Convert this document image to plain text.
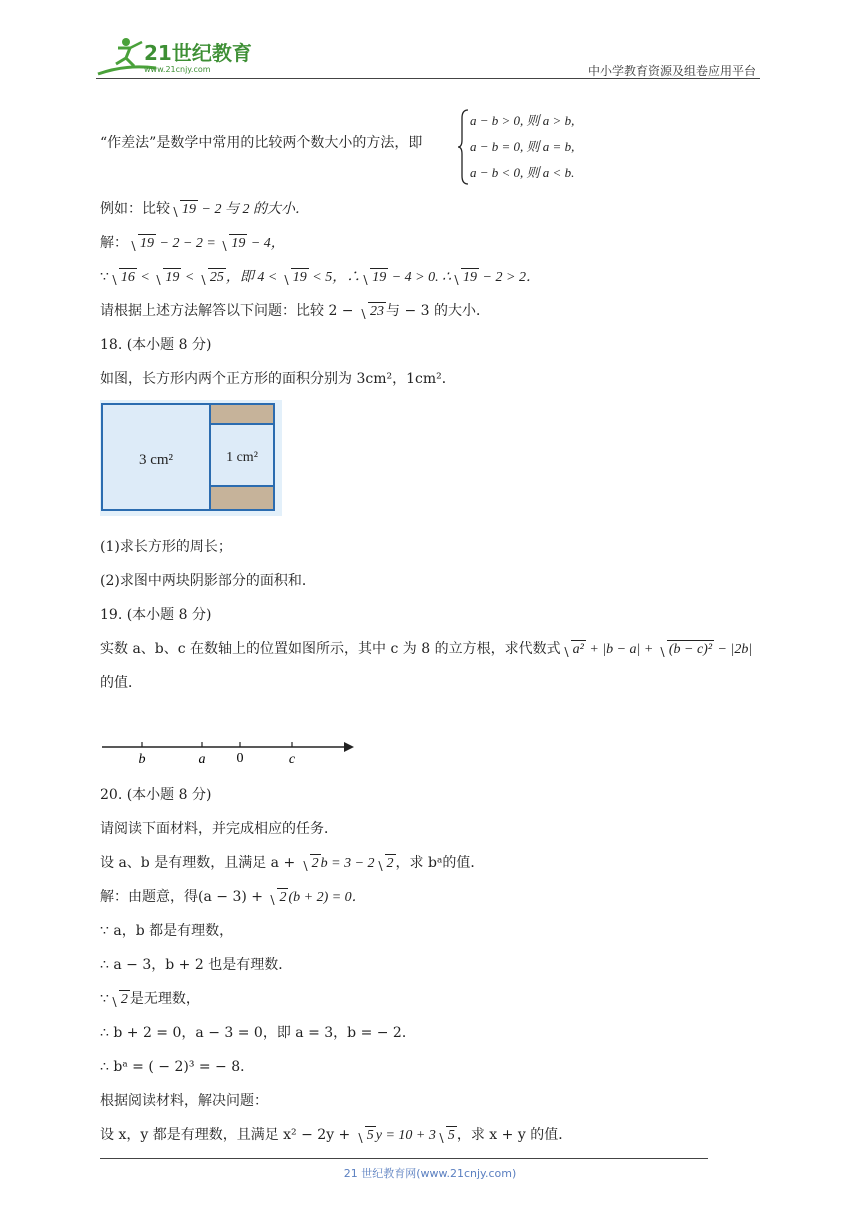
21世纪教育
www.21cnjy.com	中小学教育资源及组卷应用平台
“作差法”是数学中常用的比较两个数大小的方法，即
a − b > 0, 则 a > b,
a − b = 0, 则 a = b,
a − b < 0, 则 a < b.
例如：比较 19 − 2 与 2 的大小．
解： 19 − 2 − 2 = 19 − 4，
∵ 16 < 19 < 25 ，即 4 < 19 < 5，∴ 19 − 4 > 0. ∴ 19 − 2 > 2．
请根据上述方法解答以下问题：比较 2 − 23 与 − 3 的大小．
18. (本小题 8 分)
如图，长方形内两个正方形的面积分别为 3cm²，1cm²．
3 cm²	1 cm²
(1)求长方形的周长；
(2)求图中两块阴影部分的面积和．
19. (本小题 8 分)
实数 a、b、c 在数轴上的位置如图所示，其中 c 为 8 的立方根，求代数式 a² + |b − a| + (b − c)² − |2b|
的值．
b	a 0	c
20. (本小题 8 分)
请阅读下面材料，并完成相应的任务．
设 a、b 是有理数，且满足 a + 2 b = 3 − 2 2 ，求 bᵃ的值．
解：由题意，得(a − 3) + 2 (b + 2) = 0．
∵ a，b 都是有理数，
∴ a − 3，b + 2 也是有理数．
∵ 2 是无理数，
∴ b + 2 = 0，a − 3 = 0，即 a = 3，b = − 2．
∴ bᵃ = ( − 2)³ = − 8．
根据阅读材料，解决问题：
设 x，y 都是有理数，且满足 x² − 2y + 5 y = 10 + 3 5 ，求 x + y 的值．
21 世纪教育网(www.21cnjy.com)
